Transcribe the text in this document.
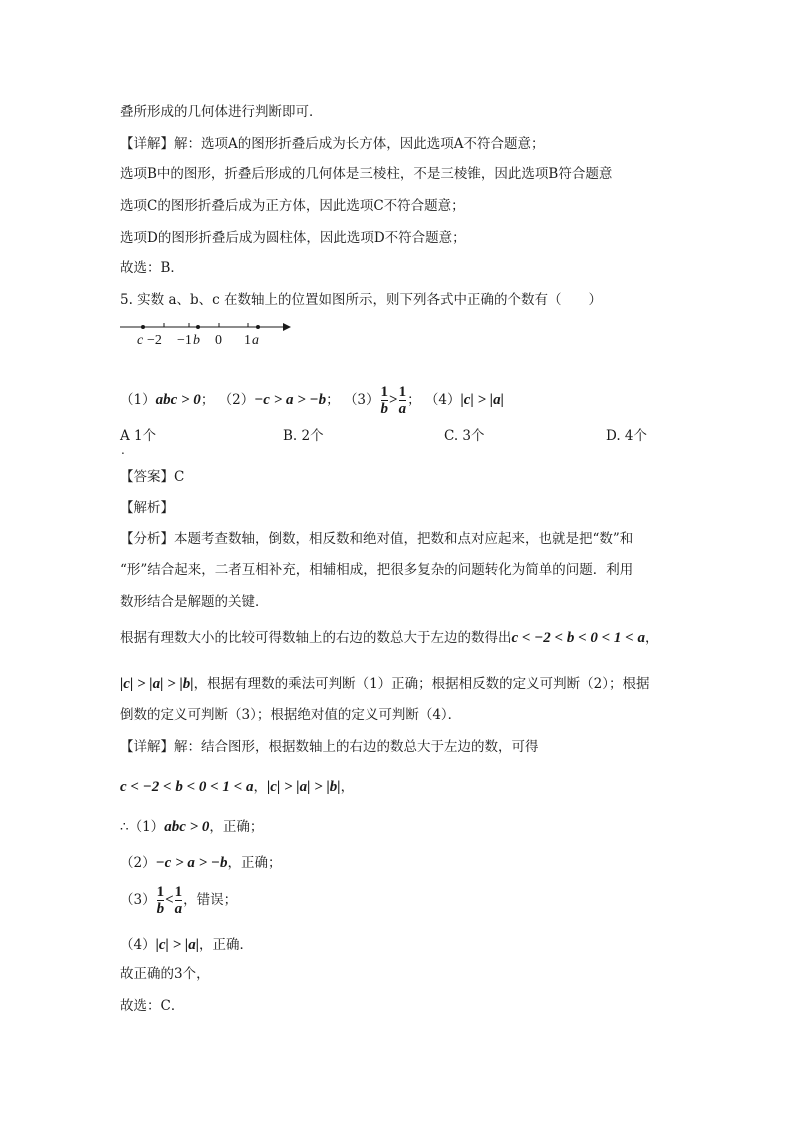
叠所形成的几何体进行判断即可．
【详解】解：选项A的图形折叠后成为长方体，因此选项A不符合题意；
选项B中的图形，折叠后形成的几何体是三棱柱，不是三棱锥，因此选项B符合题意
选项C的图形折叠后成为正方体，因此选项C不符合题意；
选项D的图形折叠后成为圆柱体，因此选项D不符合题意；
故选：B．
5. 实数 a、b、c 在数轴上的位置如图所示，则下列各式中正确的个数有（　　）
c −2 −1 b 0 1 a
（1）abc > 0； （2）−c > a > −b； $(3) \frac{1}{b} > \frac{1}{a}$ ； （4）|c| > |a|
A 1个
.
B. 2个	C. 3个	D. 4个
【答案】C
【解析】
【分析】本题考查数轴，倒数，相反数和绝对值，把数和点对应起来，也就是把“数”和
“形”结合起来，二者互相补充，相辅相成，把很多复杂的问题转化为简单的问题．利用
数形结合是解题的关键．
根据有理数大小的比较可得数轴上的右边的数总大于左边的数得出c < −2 < b < 0 < 1 < a，
|c| > |a| > |b|，根据有理数的乘法可判断（1）正确；根据相反数的定义可判断（2）；根据
倒数的定义可判断（3）；根据绝对值的定义可判断（4）．
【详解】解：结合图形，根据数轴上的右边的数总大于左边的数，可得
c < −2 < b < 0 < 1 < a，|c| > |a| > |b|，
∴（1）abc > 0，正确；
（2）−c > a > −b，正确；
$(3) \frac{1}{b} < \frac{1}{a}$ ，错误；
（4）|c| > |a|，正确．
故正确的3个，
故选：C．
